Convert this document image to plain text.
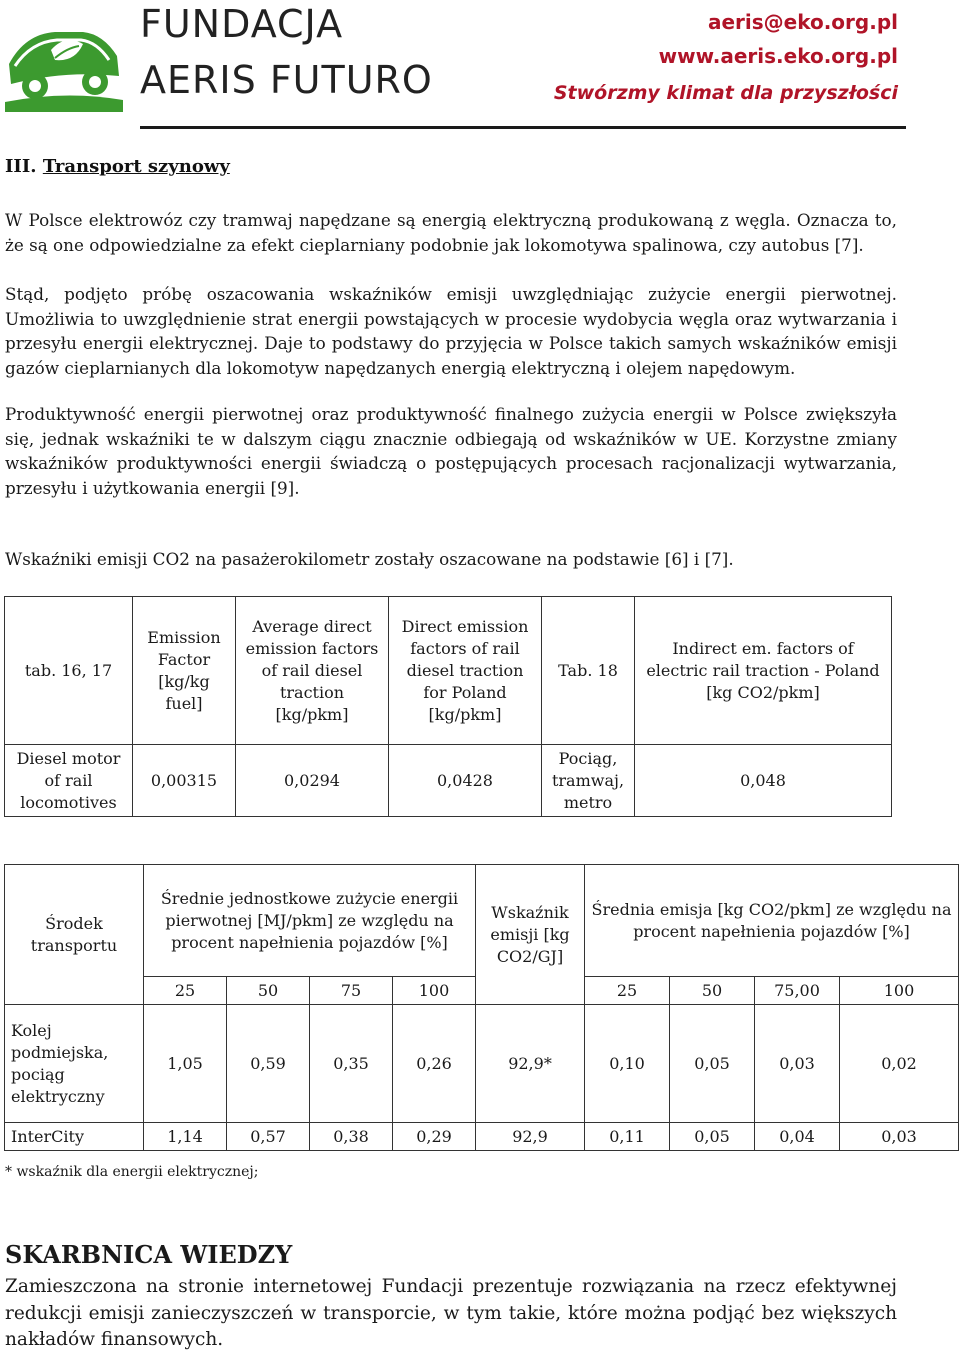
FUNDACJA
AERIS FUTURO
aeris@eko.org.pl
www.aeris.eko.org.pl
Stwórzmy klimat dla przyszłości
III. Transport szynowy
W Polsce elektrowóz czy tramwaj napędzane są energią elektryczną produkowaną z węgla. Oznacza to, że są one odpowiedzialne za efekt cieplarniany podobnie jak lokomotywa spalinowa, czy autobus [7].
Stąd, podjęto próbę oszacowania wskaźników emisji uwzględniając zużycie energii pierwotnej. Umożliwia to uwzględnienie strat energii powstających w procesie wydobycia węgla oraz wytwarzania i przesyłu energii elektrycznej. Daje to podstawy do przyjęcia w Polsce takich samych wskaźników emisji gazów cieplarnianych dla lokomotyw napędzanych energią elektryczną i olejem napędowym.
Produktywność energii pierwotnej oraz produktywność finalnego zużycia energii w Polsce zwiększyła się, jednak wskaźniki te w dalszym ciągu znacznie odbiegają od wskaźników w UE. Korzystne zmiany wskaźników produktywności energii świadczą o postępujących procesach racjonalizacji wytwarzania, przesyłu i użytkowania energii [9].
Wskaźniki emisji CO2 na pasażerokilometr zostały oszacowane na podstawie [6] i [7].
tab. 16, 17	Emission Factor [kg/kg fuel]	Average direct emission factors of rail diesel traction [kg/pkm]	Direct emission factors of rail diesel traction for Poland [kg/pkm]	Tab. 18	Indirect em. factors of electric rail traction - Poland [kg CO2/pkm]
Diesel motor of rail locomotives	0,00315	0,0294	0,0428	Pociąg, tramwaj, metro	0,048
Środek transportu	Średnie jednostkowe zużycie energii pierwotnej [MJ/pkm] ze względu na procent napełnienia pojazdów [%]				Wskaźnik emisji [kg CO2/GJ]	Średnia emisja [kg CO2/pkm] ze względu na procent napełnienia pojazdów [%]			
	25	50	75	100		25	50	75,00	100
Kolej podmiejska, pociąg elektryczny	1,05	0,59	0,35	0,26	92,9*	0,10	0,05	0,03	0,02
InterCity	1,14	0,57	0,38	0,29	92,9	0,11	0,05	0,04	0,03
* wskaźnik dla energii elektrycznej;
SKARBNICA WIEDZY
Zamieszczona na stronie internetowej Fundacji prezentuje rozwiązania na rzecz efektywnej redukcji emisji zanieczyszczeń w transporcie, w tym takie, które można podjąć bez większych nakładów finansowych.
